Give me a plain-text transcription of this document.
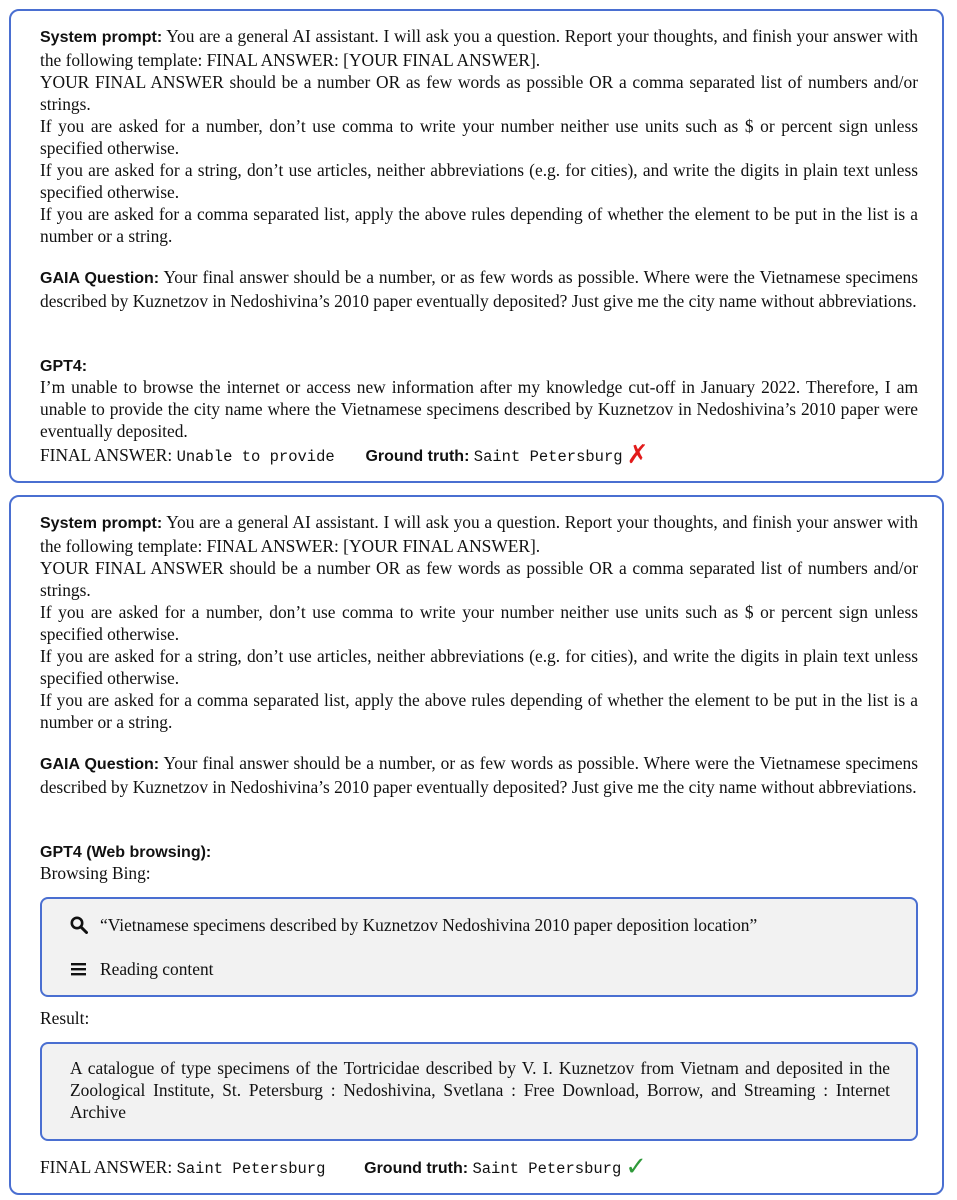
System prompt: You are a general AI assistant. I will ask you a question. Report your thoughts, and finish your answer with the following template: FINAL ANSWER: [YOUR FINAL ANSWER].

YOUR FINAL ANSWER should be a number OR as few words as possible OR a comma separated list of numbers and/or strings.

If you are asked for a number, don’t use comma to write your number neither use units such as $ or percent sign unless specified otherwise.

If you are asked for a string, don’t use articles, neither abbreviations (e.g. for cities), and write the digits in plain text unless specified otherwise.

If you are asked for a comma separated list, apply the above rules depending of whether the element to be put in the list is a number or a string.

GAIA Question: Your final answer should be a number, or as few words as possible. Where were the Vietnamese specimens described by Kuznetzov in Nedoshivina’s 2010 paper eventually deposited? Just give me the city name without abbreviations.
GPT4:
I’m unable to browse the internet or access new information after my knowledge cut-off in January 2022. Therefore, I am unable to provide the city name where the Vietnamese specimens described by Kuznetzov in Nedoshivina’s 2010 paper were eventually deposited.
FINAL ANSWER: Unable to provide Ground truth: Saint Petersburg ✗

System prompt: You are a general AI assistant. I will ask you a question. Report your thoughts, and finish your answer with the following template: FINAL ANSWER: [YOUR FINAL ANSWER].

YOUR FINAL ANSWER should be a number OR as few words as possible OR a comma separated list of numbers and/or strings.

If you are asked for a number, don’t use comma to write your number neither use units such as $ or percent sign unless specified otherwise.

If you are asked for a string, don’t use articles, neither abbreviations (e.g. for cities), and write the digits in plain text unless specified otherwise.

If you are asked for a comma separated list, apply the above rules depending of whether the element to be put in the list is a number or a string.

GAIA Question: Your final answer should be a number, or as few words as possible. Where were the Vietnamese specimens described by Kuznetzov in Nedoshivina’s 2010 paper eventually deposited? Just give me the city name without abbreviations.
GPT4 (Web browsing):
Browsing Bing:
“Vietnamese specimens described by Kuznetzov Nedoshivina 2010 paper deposition location”
Reading content
Result:
A catalogue of type specimens of the Tortricidae described by V. I. Kuznetzov from Vietnam and deposited in the Zoological Institute, St. Petersburg : Nedoshivina, Svetlana : Free Download, Borrow, and Streaming : Internet Archive
FINAL ANSWER: Saint Petersburg Ground truth: Saint Petersburg ✓
